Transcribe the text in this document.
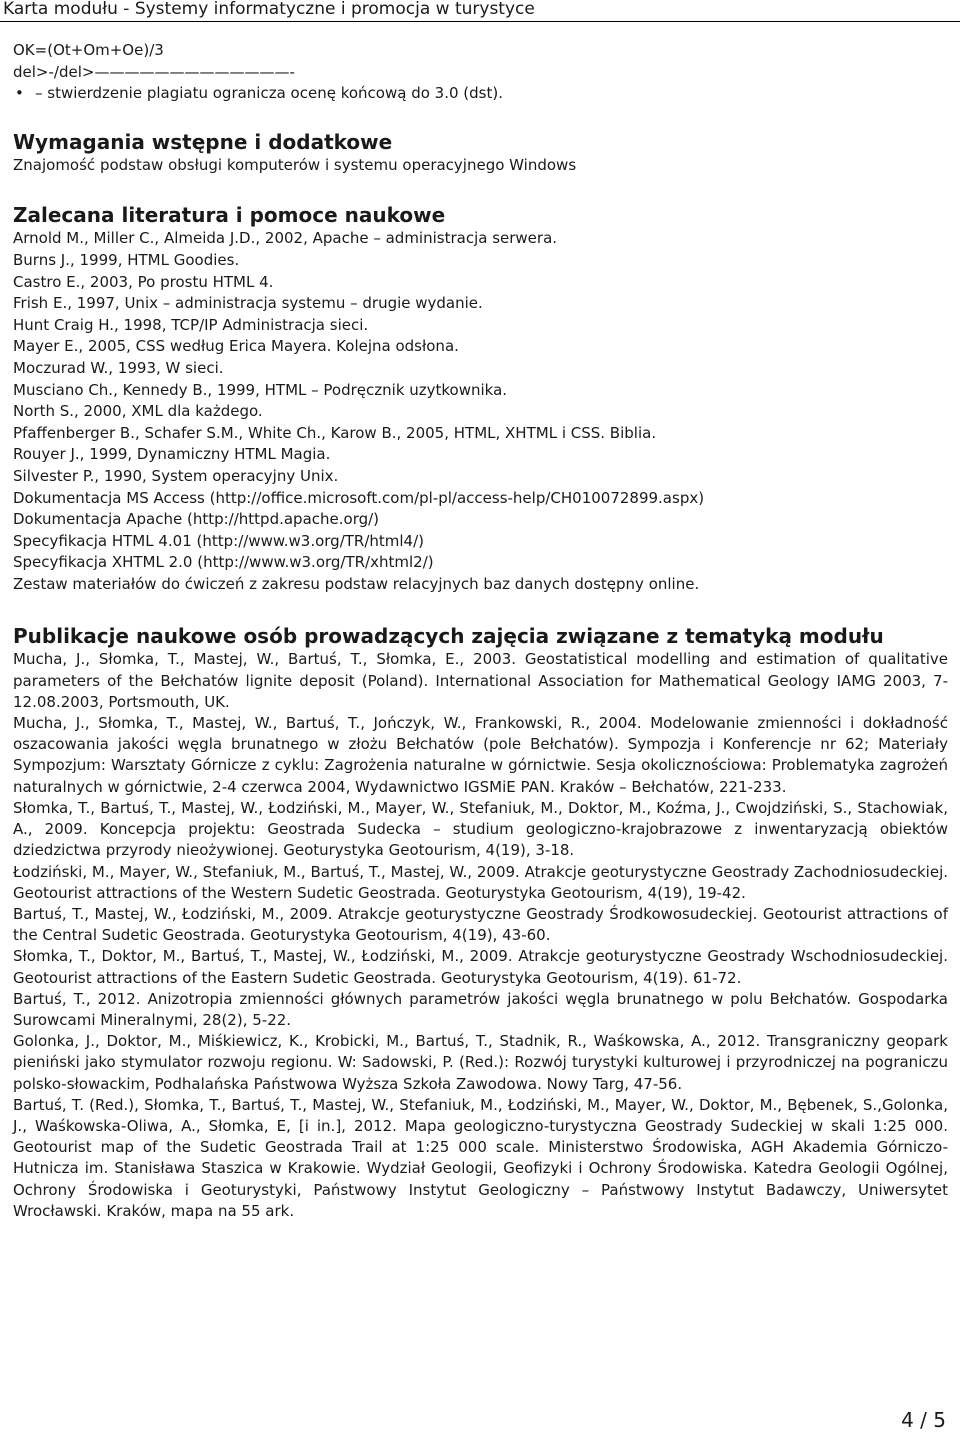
Karta modułu - Systemy informatyczne i promocja w turystyce
OK=(Ot+Om+Oe)/3
del>-/del>—————————————-
• – stwierdzenie plagiatu ogranicza ocenę końcową do 3.0 (dst).
Wymagania wstępne i dodatkowe
Znajomość podstaw obsługi komputerów i systemu operacyjnego Windows
Zalecana literatura i pomoce naukowe
Arnold M., Miller C., Almeida J.D., 2002, Apache – administracja serwera.
Burns J., 1999, HTML Goodies.
Castro E., 2003, Po prostu HTML 4.
Frish E., 1997, Unix – administracja systemu – drugie wydanie.
Hunt Craig H., 1998, TCP/IP Administracja sieci.
Mayer E., 2005, CSS według Erica Mayera. Kolejna odsłona.
Moczurad W., 1993, W sieci.
Musciano Ch., Kennedy B., 1999, HTML – Podręcznik uzytkownika.
North S., 2000, XML dla każdego.
Pfaffenberger B., Schafer S.M., White Ch., Karow B., 2005, HTML, XHTML i CSS. Biblia.
Rouyer J., 1999, Dynamiczny HTML Magia.
Silvester P., 1990, System operacyjny Unix.
Dokumentacja MS Access (http://office.microsoft.com/pl-pl/access-help/CH010072899.aspx)
Dokumentacja Apache (http://httpd.apache.org/)
Specyfikacja HTML 4.01 (http://www.w3.org/TR/html4/)
Specyfikacja XHTML 2.0 (http://www.w3.org/TR/xhtml2/)
Zestaw materiałów do ćwiczeń z zakresu podstaw relacyjnych baz danych dostępny online.
Publikacje naukowe osób prowadzących zajęcia związane z tematyką modułu
Mucha, J., Słomka, T., Mastej, W., Bartuś, T., Słomka, E., 2003. Geostatistical modelling and estimation of qualitative parameters of the Bełchatów lignite deposit (Poland). International Association for Mathematical Geology IAMG 2003, 7-12.08.2003, Portsmouth, UK.
Mucha, J., Słomka, T., Mastej, W., Bartuś, T., Jończyk, W., Frankowski, R., 2004. Modelowanie zmienności i dokładność oszacowania jakości węgla brunatnego w złożu Bełchatów (pole Bełchatów). Sympozja i Konferencje nr 62; Materiały Sympozjum: Warsztaty Górnicze z cyklu: Zagrożenia naturalne w górnictwie. Sesja okolicznościowa: Problematyka zagrożeń naturalnych w górnictwie, 2-4 czerwca 2004, Wydawnictwo IGSMiE PAN. Kraków – Bełchatów, 221-233.
Słomka, T., Bartuś, T., Mastej, W., Łodziński, M., Mayer, W., Stefaniuk, M., Doktor, M., Koźma, J., Cwojdziński, S., Stachowiak, A., 2009. Koncepcja projektu: Geostrada Sudecka – studium geologiczno-krajobrazowe z inwentaryzacją obiektów dziedzictwa przyrody nieożywionej. Geoturystyka Geotourism, 4(19), 3-18.
Łodziński, M., Mayer, W., Stefaniuk, M., Bartuś, T., Mastej, W., 2009. Atrakcje geoturystyczne Geostrady Zachodniosudeckiej. Geotourist attractions of the Western Sudetic Geostrada. Geoturystyka Geotourism, 4(19), 19-42.
Bartuś, T., Mastej, W., Łodziński, M., 2009. Atrakcje geoturystyczne Geostrady Środkowosudeckiej. Geotourist attractions of the Central Sudetic Geostrada. Geoturystyka Geotourism, 4(19), 43-60.
Słomka, T., Doktor, M., Bartuś, T., Mastej, W., Łodziński, M., 2009. Atrakcje geoturystyczne Geostrady Wschodniosudeckiej. Geotourist attractions of the Eastern Sudetic Geostrada. Geoturystyka Geotourism, 4(19). 61-72.
Bartuś, T., 2012. Anizotropia zmienności głównych parametrów jakości węgla brunatnego w polu Bełchatów. Gospodarka Surowcami Mineralnymi, 28(2), 5-22.
Golonka, J., Doktor, M., Miśkiewicz, K., Krobicki, M., Bartuś, T., Stadnik, R., Waśkowska, A., 2012. Transgraniczny geopark pieniński jako stymulator rozwoju regionu. W: Sadowski, P. (Red.): Rozwój turystyki kulturowej i przyrodniczej na pograniczu polsko-słowackim, Podhalańska Państwowa Wyższa Szkoła Zawodowa. Nowy Targ, 47-56.
Bartuś, T. (Red.), Słomka, T., Bartuś, T., Mastej, W., Stefaniuk, M., Łodziński, M., Mayer, W., Doktor, M., Bębenek, S.,Golonka, J., Waśkowska-Oliwa, A., Słomka, E, [i in.], 2012. Mapa geologiczno-turystyczna Geostrady Sudeckiej w skali 1:25 000. Geotourist map of the Sudetic Geostrada Trail at 1:25 000 scale. Ministerstwo Środowiska, AGH Akademia Górniczo-Hutnicza im. Stanisława Staszica w Krakowie. Wydział Geologii, Geofizyki i Ochrony Środowiska. Katedra Geologii Ogólnej, Ochrony Środowiska i Geoturystyki, Państwowy Instytut Geologiczny – Państwowy Instytut Badawczy, Uniwersytet Wrocławski. Kraków, mapa na 55 ark.
4 / 5
